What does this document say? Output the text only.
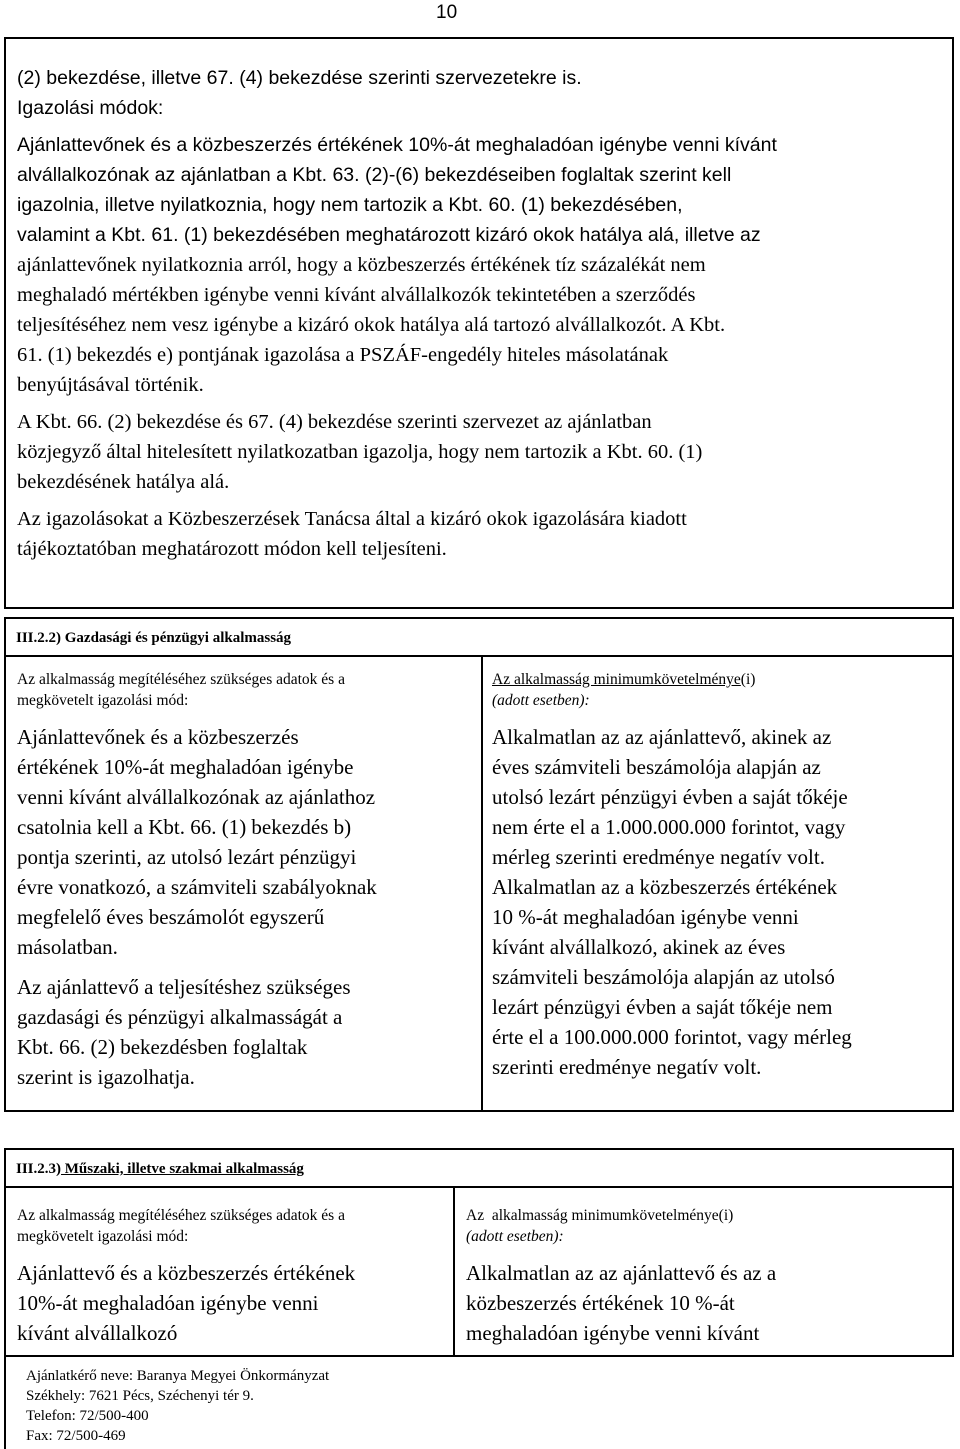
10
(2) bekezdése, illetve 67. (4) bekezdése szerinti szervezetekre is.
Igazolási módok:
Ajánlattevőnek és a közbeszerzés értékének 10%-át meghaladóan igénybe venni kívánt
alvállalkozónak az ajánlatban a Kbt. 63. (2)-(6) bekezdéseiben foglaltak szerint kell
igazolnia, illetve nyilatkoznia, hogy nem tartozik a Kbt. 60. (1) bekezdésében,
valamint a Kbt. 61. (1) bekezdésében meghatározott kizáró okok hatálya alá, illetve az
ajánlattevőnek nyilatkoznia arról, hogy a közbeszerzés értékének tíz százalékát nem
meghaladó mértékben igénybe venni kívánt alvállalkozók tekintetében a szerződés
teljesítéséhez nem vesz igénybe a kizáró okok hatálya alá tartozó alvállalkozót. A Kbt.
61. (1) bekezdés e) pontjának igazolása a PSZÁF-engedély hiteles másolatának
benyújtásával történik.
A Kbt. 66. (2) bekezdése és 67. (4) bekezdése szerinti szervezet az ajánlatban
közjegyző által hitelesített nyilatkozatban igazolja, hogy nem tartozik a Kbt. 60. (1)
bekezdésének hatálya alá.
Az igazolásokat a Közbeszerzések Tanácsa által a kizáró okok igazolására kiadott
tájékoztatóban meghatározott módon kell teljesíteni.
III.2.2) Gazdasági és pénzügyi alkalmasság
Az alkalmasság megítéléséhez szükséges adatok és a
megkövetelt igazolási mód:
Ajánlattevőnek és a közbeszerzés
értékének 10%-át meghaladóan igénybe
venni kívánt alvállalkozónak az ajánlathoz
csatolnia kell a Kbt. 66. (1) bekezdés b)
pontja szerinti, az utolsó lezárt pénzügyi
évre vonatkozó, a számviteli szabályoknak
megfelelő éves beszámolót egyszerű
másolatban.
Az ajánlattevő a teljesítéshez szükséges
gazdasági és pénzügyi alkalmasságát a
Kbt. 66. (2) bekezdésben foglaltak
szerint is igazolhatja.
Az alkalmasság minimumkövetelménye(i)
(adott esetben):
Alkalmatlan az az ajánlattevő, akinek az
éves számviteli beszámolója alapján az
utolsó lezárt pénzügyi évben a saját tőkéje
nem érte el a 1.000.000.000 forintot, vagy
mérleg szerinti eredménye negatív volt.
Alkalmatlan az a közbeszerzés értékének
10 %-át meghaladóan igénybe venni
kívánt alvállalkozó, akinek az éves
számviteli beszámolója alapján az utolsó
lezárt pénzügyi évben a saját tőkéje nem
érte el a 100.000.000 forintot, vagy mérleg
szerinti eredménye negatív volt.
III.2.3) Műszaki, illetve szakmai alkalmasság
Az alkalmasság megítéléséhez szükséges adatok és a
megkövetelt igazolási mód:
Ajánlattevő és a közbeszerzés értékének
10%-át meghaladóan igénybe venni
kívánt alvállalkozó
Az  alkalmasság minimumkövetelménye(i)
(adott esetben):
Alkalmatlan az az ajánlattevő és az a
közbeszerzés értékének 10 %-át
meghaladóan igénybe venni kívánt
Ajánlatkérő neve: Baranya Megyei Önkormányzat
Székhely: 7621 Pécs, Széchenyi tér 9.
Telefon: 72/500-400
Fax: 72/500-469
